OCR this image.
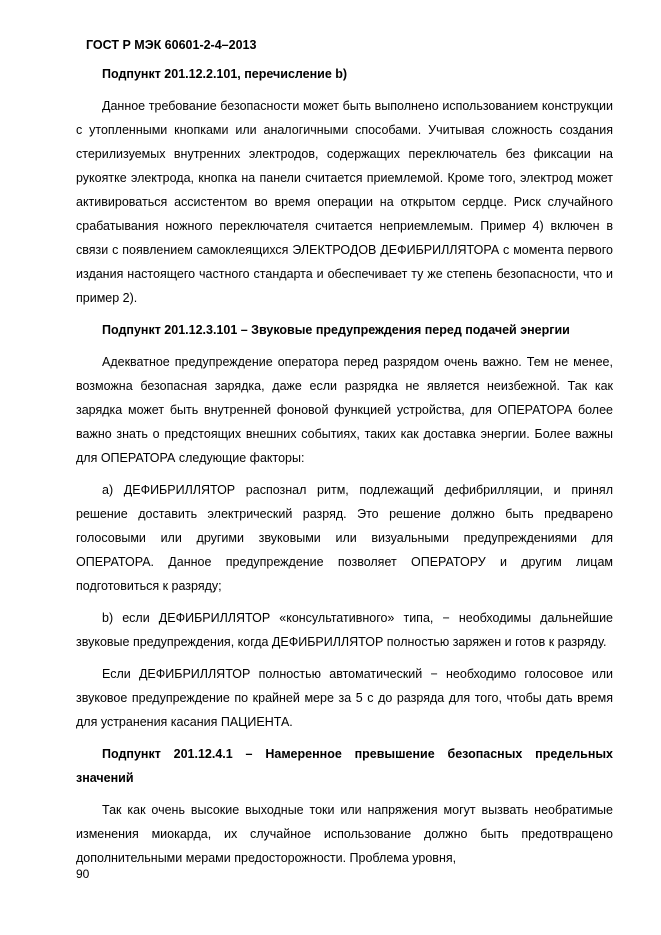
ГОСТ Р МЭК 60601-2-4–2013

Подпункт 201.12.2.101, перечисление b)

Данное требование безопасности может быть выполнено использованием конструкции с утопленными кнопками или аналогичными способами. Учитывая сложность создания стерилизуемых внутренних электродов, содержащих переключатель без фиксации на рукоятке электрода, кнопка на панели считается приемлемой. Кроме того, электрод может активироваться ассистентом во время операции на открытом сердце. Риск случайного срабатывания ножного переключателя считается неприемлемым. Пример 4) включен в связи с появлением самоклеящихся ЭЛЕКТРОДОВ ДЕФИБРИЛЛЯТОРА с момента первого издания настоящего частного стандарта и обеспечивает ту же степень безопасности, что и пример 2).

Подпункт 201.12.3.101 – Звуковые предупреждения перед подачей энергии

Адекватное предупреждение оператора перед разрядом очень важно. Тем не менее, возможна безопасная зарядка, даже если разрядка не является неизбежной. Так как зарядка может быть внутренней фоновой функцией устройства, для ОПЕРАТОРА более важно знать о предстоящих внешних событиях, таких как доставка энергии. Более важны для ОПЕРАТОРА следующие факторы:

a) ДЕФИБРИЛЛЯТОР распознал ритм, подлежащий дефибрилляции, и принял решение доставить электрический разряд. Это решение должно быть предварено голосовыми или другими звуковыми или визуальными предупреждениями для ОПЕРАТОРА. Данное предупреждение позволяет ОПЕРАТОРУ и другим лицам подготовиться к разряду;

b) если ДЕФИБРИЛЛЯТОР «консультативного» типа, − необходимы дальнейшие звуковые предупреждения, когда ДЕФИБРИЛЛЯТОР полностью заряжен и готов к разряду.

Если ДЕФИБРИЛЛЯТОР полностью автоматический − необходимо голосовое или звуковое предупреждение по крайней мере за 5 с до разряда для того, чтобы дать время для устранения касания ПАЦИЕНТА.

Подпункт 201.12.4.1 – Намеренное превышение безопасных предельных значений

Так как очень высокие выходные токи или напряжения могут вызвать необратимые изменения миокарда, их случайное использование должно быть предотвращено дополнительными мерами предосторожности. Проблема уровня,

90
